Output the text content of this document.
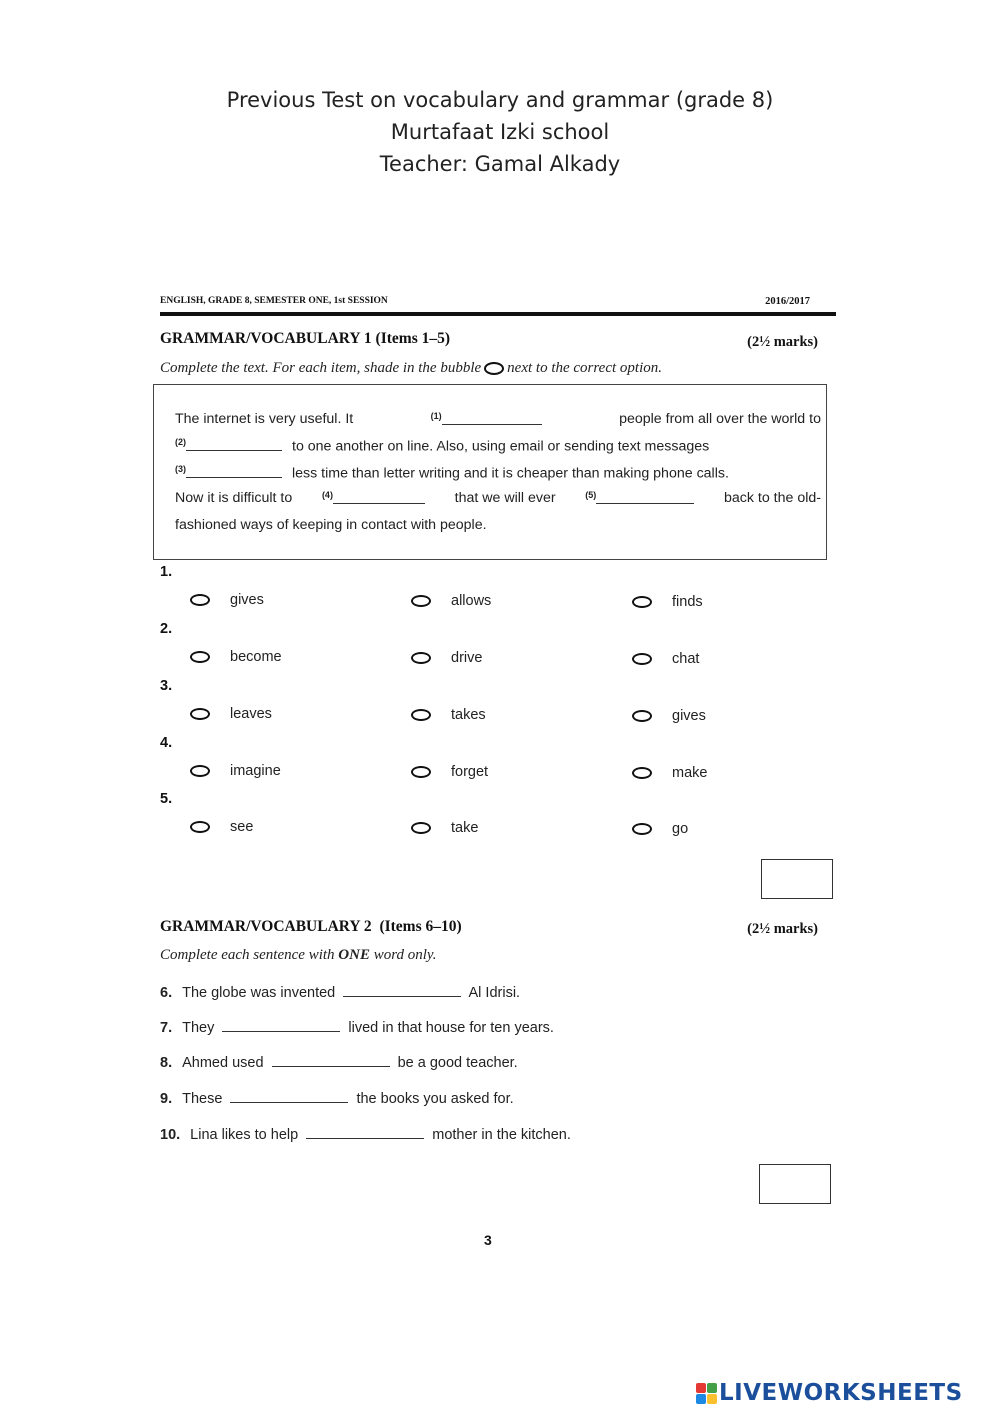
Previous Test on vocabulary and grammar (grade 8)
Murtafaat Izki school
Teacher: Gamal Alkady
ENGLISH, GRADE 8, SEMESTER ONE, 1st SESSION	2016/2017
GRAMMAR/VOCABULARY 1 (Items 1–5)	(2½ marks)
Complete the text. For each item, shade in the bubble next to the correct option.
The internet is very useful. It	$^{(1)}$	people from all over the world to
$^{(2)}$	to one another on line. Also, using email or sending text messages
$^{(3)}$	less time than letter writing and it is cheaper than making phone calls.
Now it is difficult to	$^{(4)}$	that we will ever	$^{(5)}$	back to the old-
fashioned ways of keeping in contact with people.
1.
gives	allows	finds
2.
become	drive	chat
3.
leaves	takes	gives
4.
imagine	forget	make
5.
see	take	go
GRAMMAR/VOCABULARY 2 (Items 6–10)	(2½ marks)
Complete each sentence with ONE word only.
6. The globe was invented	Al Idrisi.
7. They	lived in that house for ten years.
8. Ahmed used	be a good teacher.
9. These	the books you asked for.
10. Lina likes to help	mother in the kitchen.
3
LIVEWORKSHEETS
